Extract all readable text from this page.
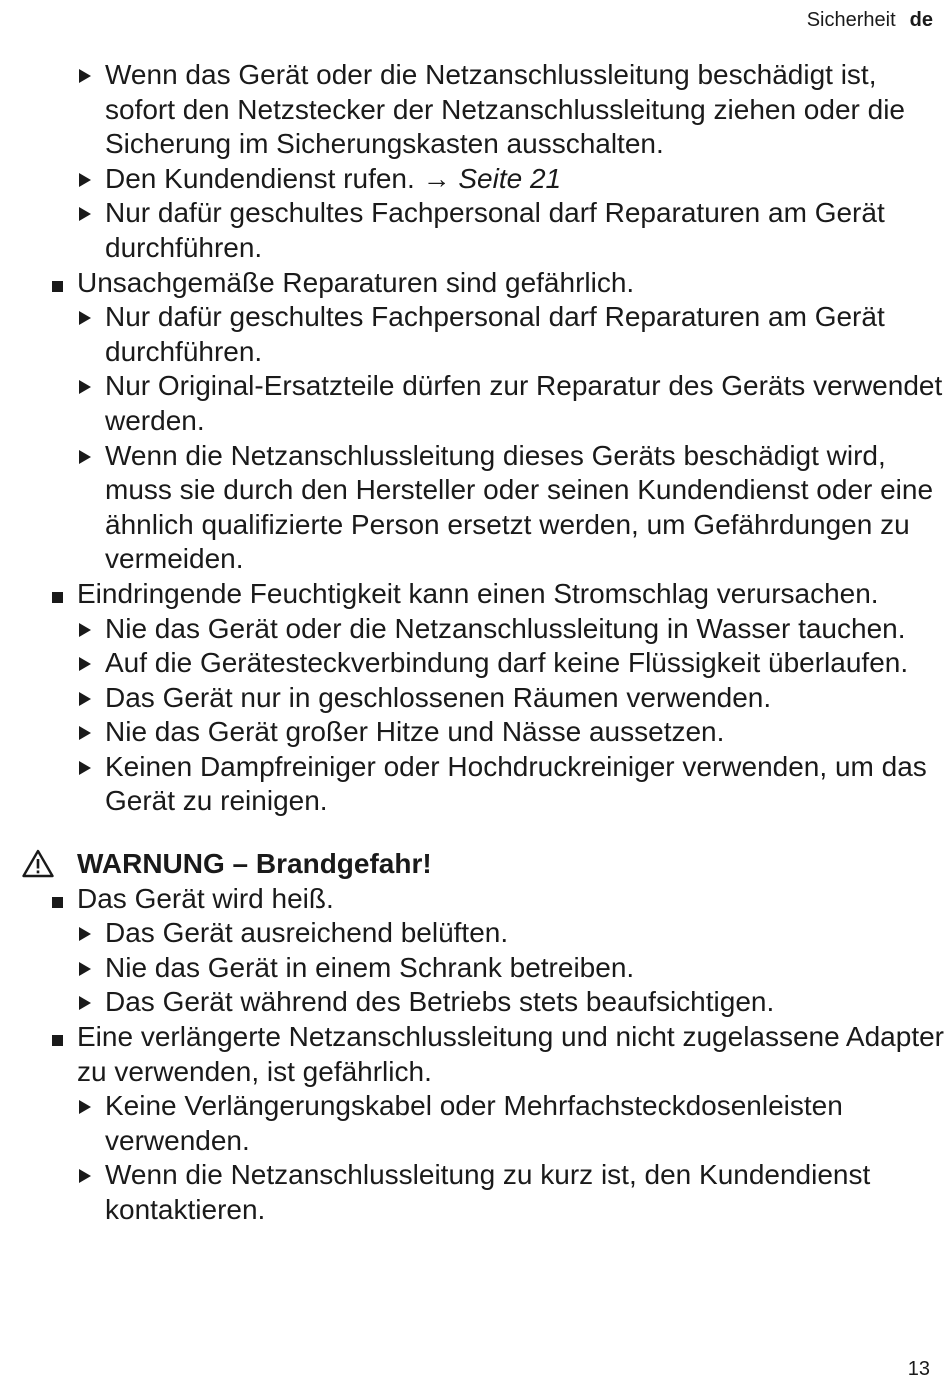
Sicherheit de
Wenn das Gerät oder die Netzanschlussleitung beschädigt ist, sofort den Netzstecker der Netzanschlussleitung ziehen oder die Sicherung im Sicherungskasten ausschalten.
Den Kundendienst rufen. → Seite 21
Nur dafür geschultes Fachpersonal darf Reparaturen am Gerät durchführen.
Unsachgemäße Reparaturen sind gefährlich.
Nur dafür geschultes Fachpersonal darf Reparaturen am Gerät durchführen.
Nur Original-Ersatzteile dürfen zur Reparatur des Geräts verwendet werden.
Wenn die Netzanschlussleitung dieses Geräts beschädigt wird, muss sie durch den Hersteller oder seinen Kundendienst oder eine ähnlich qualifizierte Person ersetzt werden, um Gefährdungen zu vermeiden.
Eindringende Feuchtigkeit kann einen Stromschlag verursachen.
Nie das Gerät oder die Netzanschlussleitung in Wasser tauchen.
Auf die Gerätesteckverbindung darf keine Flüssigkeit überlaufen.
Das Gerät nur in geschlossenen Räumen verwenden.
Nie das Gerät großer Hitze und Nässe aussetzen.
Keinen Dampfreiniger oder Hochdruckreiniger verwenden, um das Gerät zu reinigen.
WARNUNG – Brandgefahr!
Das Gerät wird heiß.
Das Gerät ausreichend belüften.
Nie das Gerät in einem Schrank betreiben.
Das Gerät während des Betriebs stets beaufsichtigen.
Eine verlängerte Netzanschlussleitung und nicht zugelassene Adapter zu verwenden, ist gefährlich.
Keine Verlängerungskabel oder Mehrfachsteckdosenleisten verwenden.
Wenn die Netzanschlussleitung zu kurz ist, den Kundendienst kontaktieren.
13
